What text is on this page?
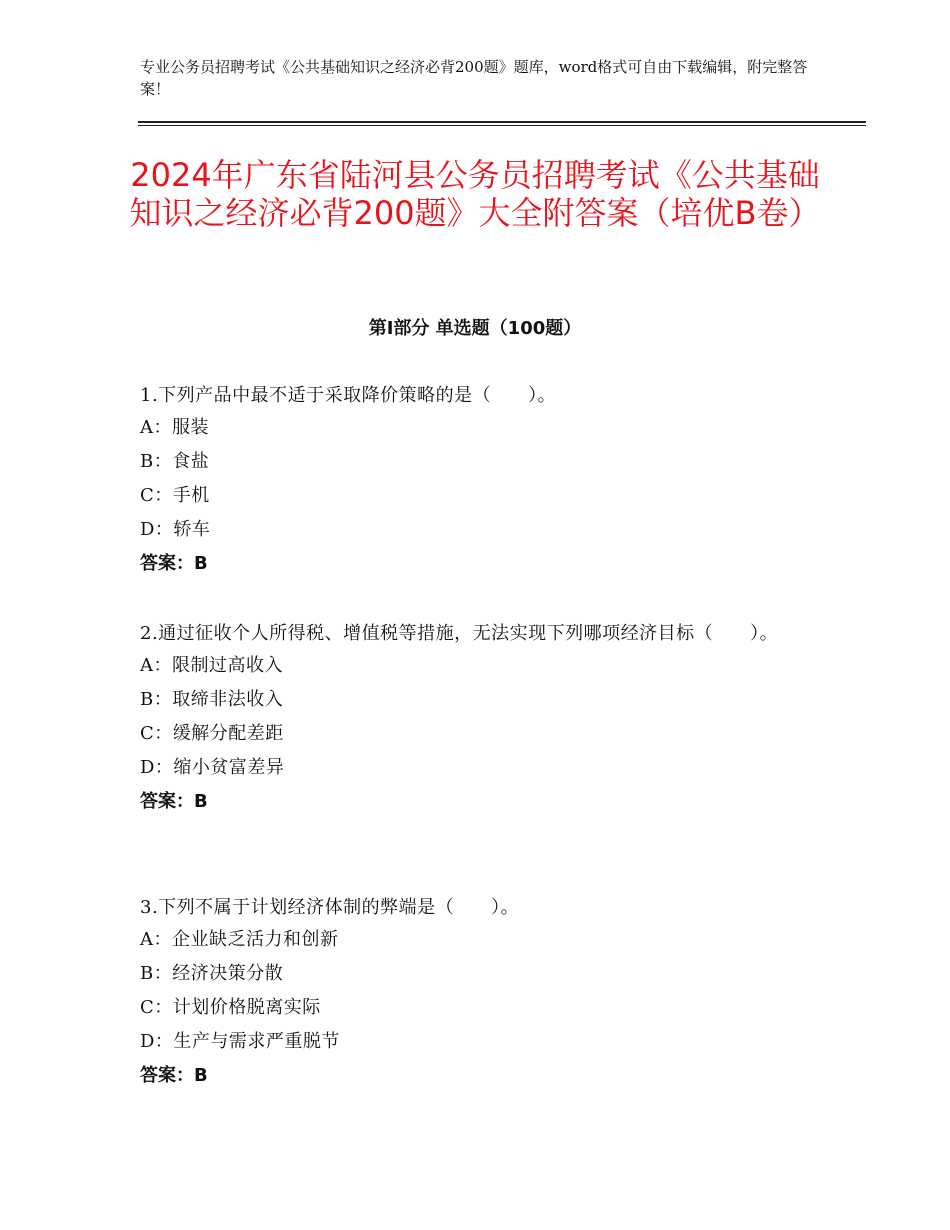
专业公务员招聘考试《公共基础知识之经济必背200题》题库，word格式可自由下载编辑，附完整答案！
2024年广东省陆河县公务员招聘考试《公共基础知识之经济必背200题》大全附答案（培优B卷）
第Ⅰ部分 单选题（100题）

1.下列产品中最不适于采取降价策略的是（　　）。

A：服装

B：食盐

C：手机

D：轿车

答案：B

2.通过征收个人所得税、增值税等措施，无法实现下列哪项经济目标（　　）。

A：限制过高收入

B：取缔非法收入

C：缓解分配差距

D：缩小贫富差异

答案：B

3.下列不属于计划经济体制的弊端是（　　）。

A：企业缺乏活力和创新

B：经济决策分散

C：计划价格脱离实际

D：生产与需求严重脱节

答案：B
